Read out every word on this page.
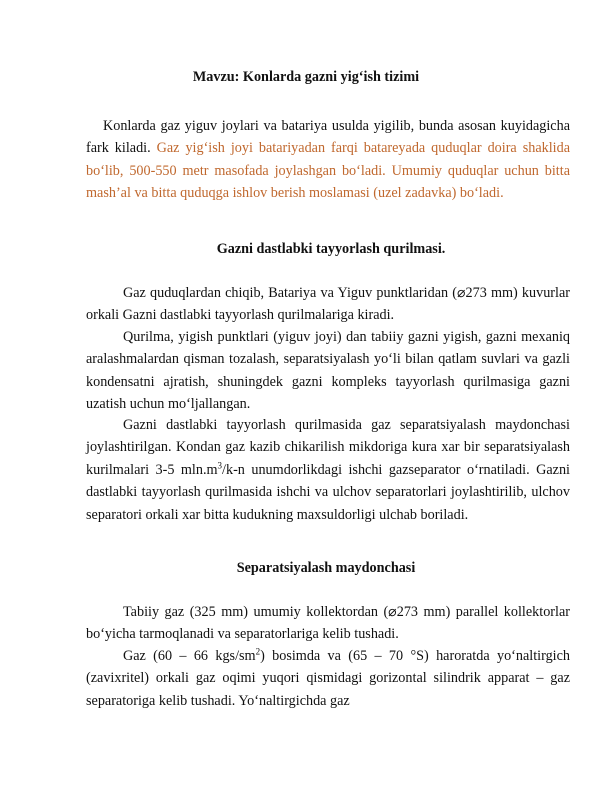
Mavzu: Konlarda gazni yig‘ish tizimi
Konlarda gaz yiguv joylari va batariya usulda yigilib, bunda asosan kuyidagicha fark kiladi. Gaz yig‘ish joyi batariyadan farqi batareyada quduqlar doira shaklida bo‘lib, 500-550 metr masofada joylashgan bo‘ladi. Umumiy quduqlar uchun bitta mash’al va bitta quduqga ishlov berish moslamasi (uzel zadavka) bo‘ladi.
Gazni dastlabki tayyorlash qurilmasi.
Gaz quduqlardan chiqib, Batariya va Yiguv punktlaridan (⌀273 mm) kuvurlar orkali Gazni dastlabki tayyorlash qurilmalariga kiradi.
Qurilma, yigish punktlari (yiguv joyi) dan tabiiy gazni yigish, gazni mexaniq aralashmalardan qisman tozalash, separatsiyalash yo‘li bilan qatlam suvlari va gazli kondensatni ajratish, shuningdek gazni kompleks tayyorlash qurilmasiga gazni uzatish uchun mo‘ljallangan.
Gazni dastlabki tayyorlash qurilmasida gaz separatsiyalash maydonchasi joylashtirilgan. Kondan gaz kazib chikarilish mikdoriga kura xar bir separatsiyalash kurilmalari 3-5 $mln.m^3/k-n$ unumdorlikdagi ishchi gazseparator o‘rnatiladi. Gazni dastlabki tayyorlash qurilmasida ishchi va ulchov separatorlari joylashtirilib, ulchov separatori orkali xar bitta kudukning maxsuldorligi ulchab boriladi.
Separatsiyalash maydonchasi
Tabiiy gaz (325 mm) umumiy kollektordan (⌀273 mm) parallel kollektorlar bo‘yicha tarmoqlanadi va separatorlariga kelib tushadi.
Gaz (60 – 66 kgs/$sm^2$) bosimda va (65 – 70 °S) haroratda yo‘naltirgich (zavixritel) orkali gaz oqimi yuqori qismidagi gorizontal silindrik apparat – gaz separatoriga kelib tushadi. Yo‘naltirgichda gaz
